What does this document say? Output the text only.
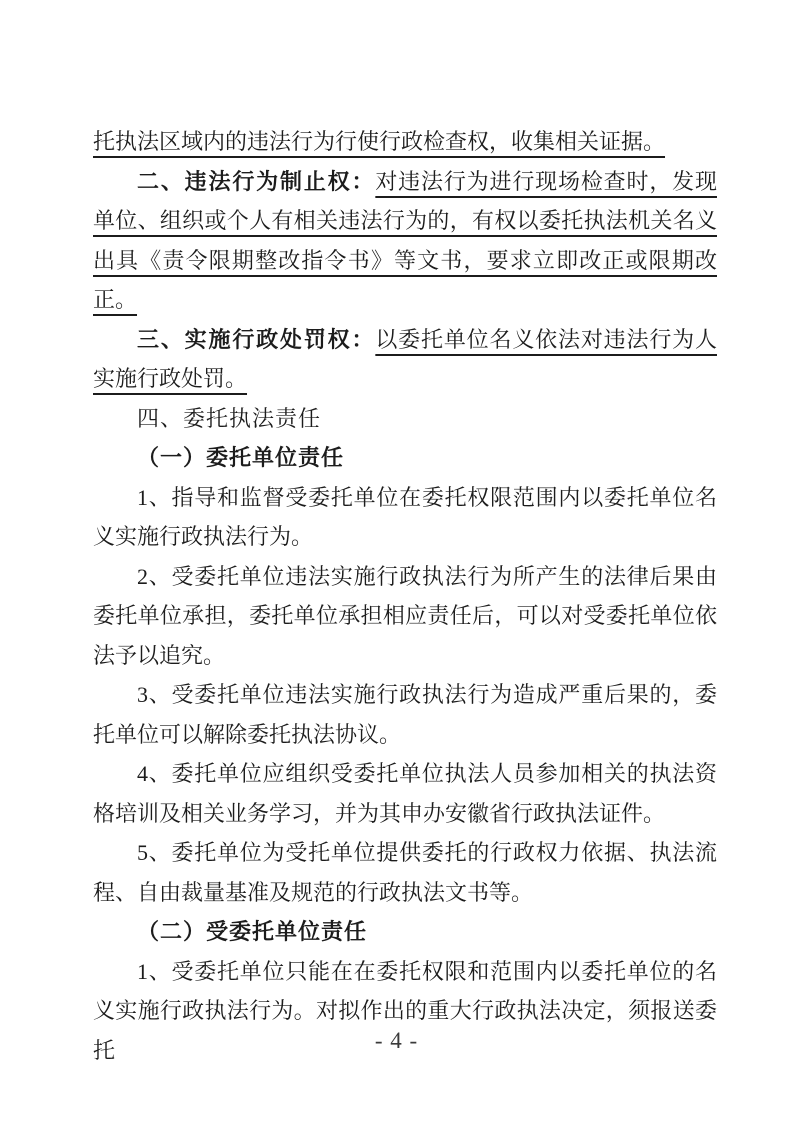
托执法区域内的违法行为行使行政检查权，收集相关证据。

二、违法行为制止权：对违法行为进行现场检查时，发现单位、组织或个人有相关违法行为的，有权以委托执法机关名义出具《责令限期整改指令书》等文书，要求立即改正或限期改正。

三、实施行政处罚权：以委托单位名义依法对违法行为人实施行政处罚。

四、委托执法责任

（一）委托单位责任

1、指导和监督受委托单位在委托权限范围内以委托单位名义实施行政执法行为。

2、受委托单位违法实施行政执法行为所产生的法律后果由委托单位承担，委托单位承担相应责任后，可以对受委托单位依法予以追究。

3、受委托单位违法实施行政执法行为造成严重后果的，委托单位可以解除委托执法协议。

4、委托单位应组织受委托单位执法人员参加相关的执法资格培训及相关业务学习，并为其申办安徽省行政执法证件。

5、委托单位为受托单位提供委托的行政权力依据、执法流程、自由裁量基准及规范的行政执法文书等。

（二）受委托单位责任

1、受委托单位只能在在委托权限和范围内以委托单位的名义实施行政执法行为。对拟作出的重大行政执法决定，须报送委托	- 4 -
